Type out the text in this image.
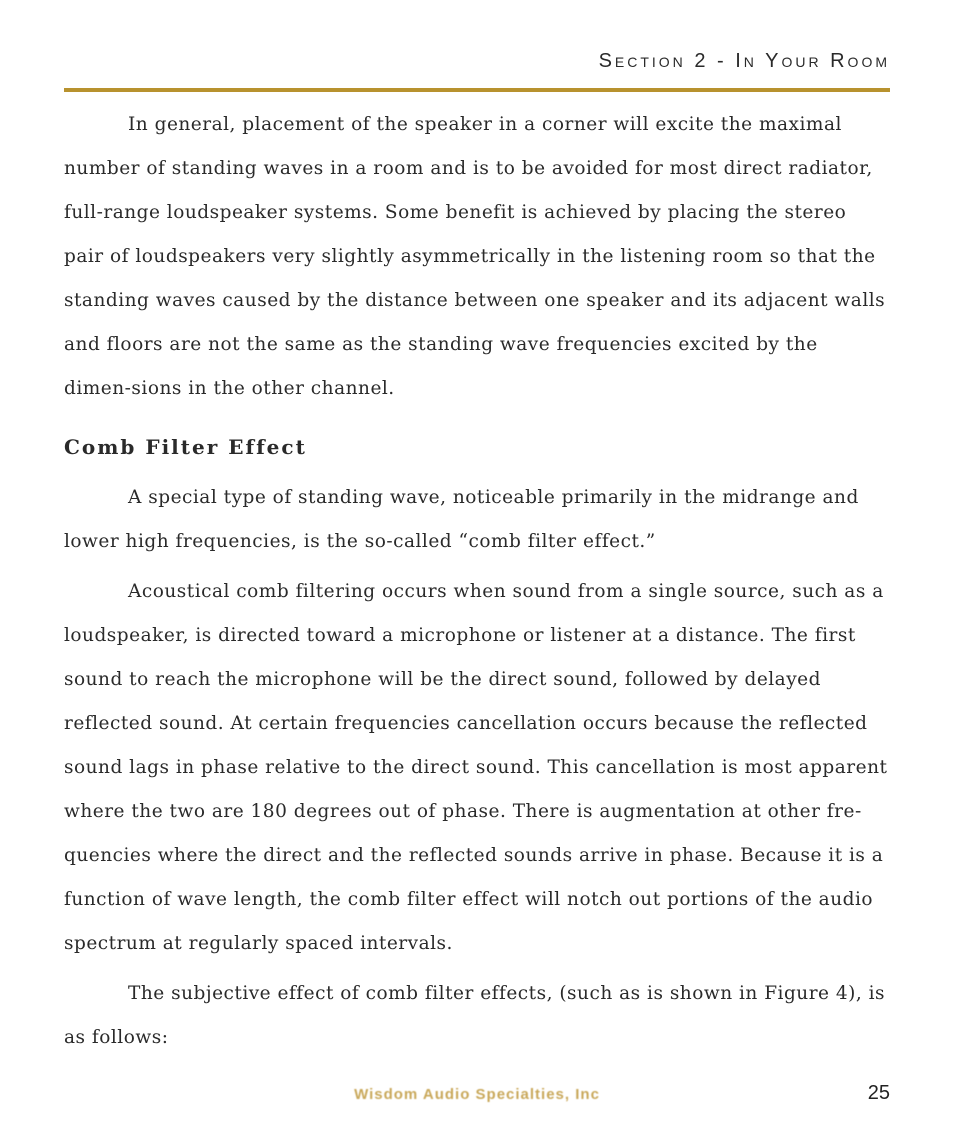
Section 2 - In Your Room

In general, placement of the speaker in a corner will excite the maximal number of standing waves in a room and is to be avoided for most direct radiator, full-range loudspeaker systems. Some benefit is achieved by placing the stereo pair of loudspeakers very slightly asymmetrically in the listening room so that the standing waves caused by the distance between one speaker and its adjacent walls and floors are not the same as the standing wave frequencies excited by the dimen-sions in the other channel.

Comb Filter Effect

A special type of standing wave, noticeable primarily in the midrange and lower high frequencies, is the so-called “comb filter effect.”

Acoustical comb filtering occurs when sound from a single source, such as a loudspeaker, is directed toward a microphone or listener at a distance. The first sound to reach the microphone will be the direct sound, followed by delayed reflected sound. At certain frequencies cancellation occurs because the reflected sound lags in phase relative to the direct sound. This cancellation is most apparent where the two are 180 degrees out of phase. There is augmentation at other fre-quencies where the direct and the reflected sounds arrive in phase. Because it is a function of wave length, the comb filter effect will notch out portions of the audio spectrum at regularly spaced intervals.

The subjective effect of comb filter effects, (such as is shown in Figure 4), is as follows:

Wisdom Audio Specialties, Inc	25
